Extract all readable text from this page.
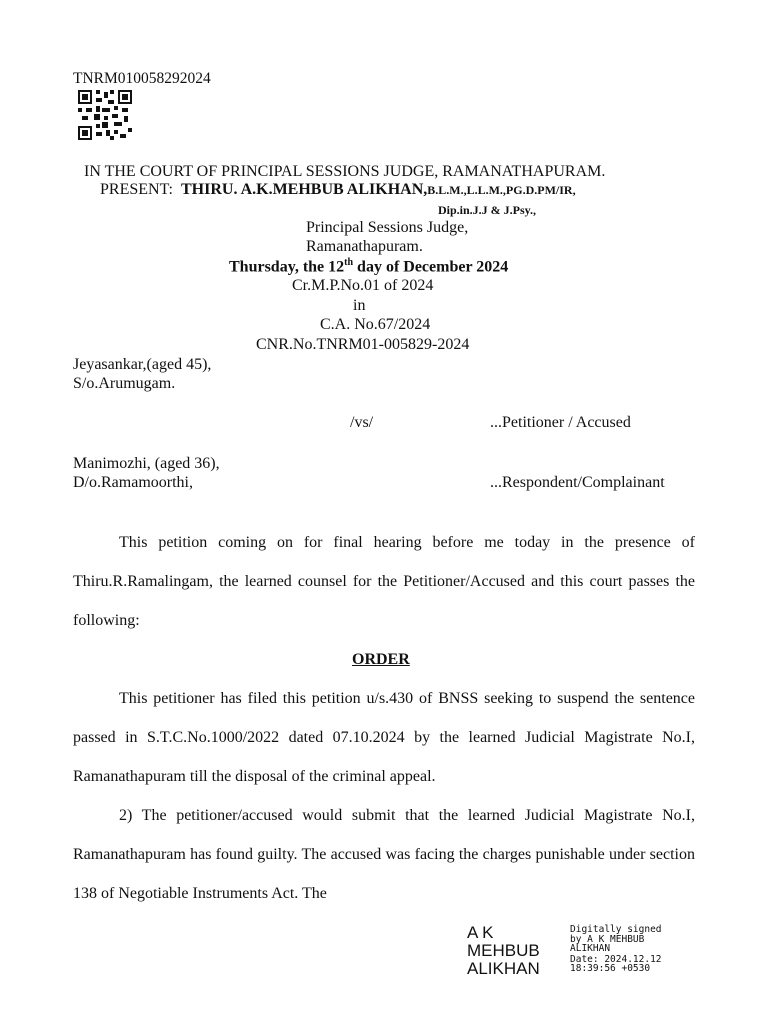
TNRM010058292024
IN THE COURT OF PRINCIPAL SESSIONS JUDGE, RAMANATHAPURAM.
PRESENT: THIRU. A.K.MEHBUB ALIKHAN,B.L.M.,L.L.M.,PG.D.PM/IR,
Dip.in.J.J & J.Psy.,
Principal Sessions Judge,
Ramanathapuram.
Thursday, the 12th day of December 2024
Cr.M.P.No.01 of 2024
in
C.A. No.67/2024
CNR.No.TNRM01-005829-2024
Jeyasankar,(aged 45),
S/o.Arumugam.
/vs/	...Petitioner / Accused
Manimozhi, (aged 36),
D/o.Ramamoorthi,	...Respondent/Complainant
This petition coming on for final hearing before me today in the presence of Thiru.R.Ramalingam, the learned counsel for the Petitioner/Accused and this court passes the following:
ORDER
This petitioner has filed this petition u/s.430 of BNSS seeking to suspend the sentence passed in S.T.C.No.1000/2022 dated 07.10.2024 by the learned Judicial Magistrate No.I, Ramanathapuram till the disposal of the criminal appeal.
2) The petitioner/accused would submit that the learned Judicial Magistrate No.I, Ramanathapuram has found guilty. The accused was facing the charges punishable under section 138 of Negotiable Instruments Act. The
A K
MEHBUB
ALIKHAN
Digitally signed
by A K MEHBUB
ALIKHAN
Date: 2024.12.12
18:39:56 +0530
